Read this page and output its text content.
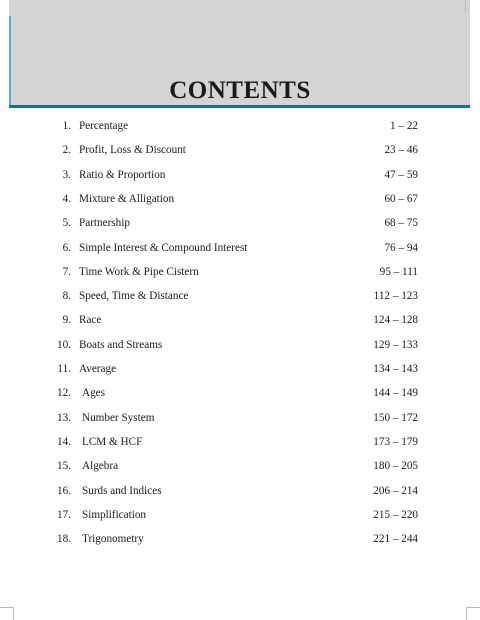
CONTENTS
1. Percentage	1 – 22
2. Profit, Loss & Discount	23 – 46
3. Ratio & Proportion	47 – 59
4. Mixture & Alligation	60 – 67
5. Partnership	68 – 75
6. Simple Interest & Compound Interest	76 – 94
7. Time Work & Pipe Cistern	95 – 111
8. Speed, Time & Distance	112 – 123
9. Race	124 – 128
10. Boats and Streams	129 – 133
11. Average	134 – 143
12. Ages	144 – 149
13. Number System	150 – 172
14. LCM & HCF	173 – 179
15. Algebra	180 – 205
16. Surds and Indices	206 – 214
17. Simplification	215 – 220
18. Trigonometry	221 – 244
